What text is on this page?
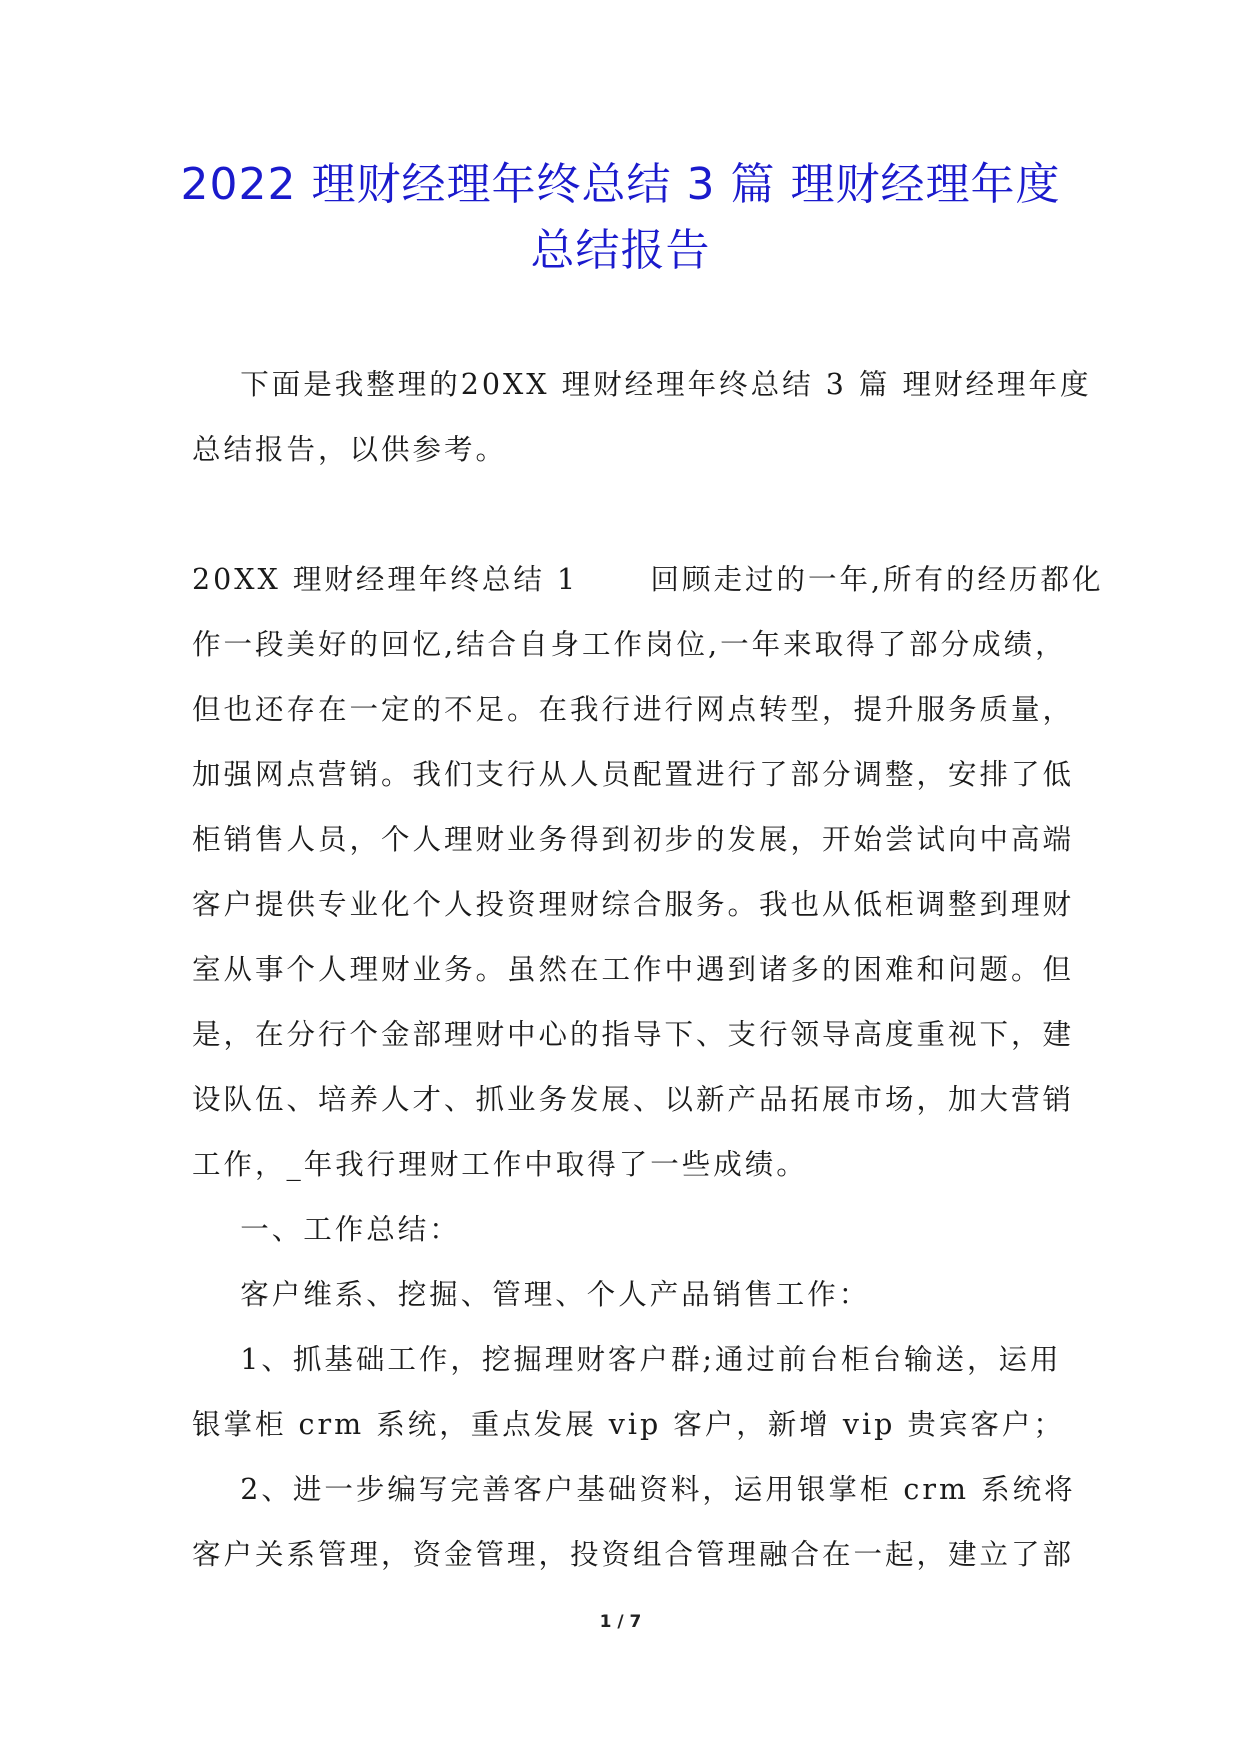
2022 理财经理年终总结 3 篇 理财经理年度
总结报告
下面是我整理的20XX 理财经理年终总结 3 篇 理财经理年度
总结报告，以供参考。
20XX 理财经理年终总结 1      回顾走过的一年,所有的经历都化
作一段美好的回忆,结合自身工作岗位,一年来取得了部分成绩，
但也还存在一定的不足。在我行进行网点转型，提升服务质量，
加强网点营销。我们支行从人员配置进行了部分调整，安排了低
柜销售人员，个人理财业务得到初步的发展，开始尝试向中高端
客户提供专业化个人投资理财综合服务。我也从低柜调整到理财
室从事个人理财业务。虽然在工作中遇到诸多的困难和问题。但
是，在分行个金部理财中心的指导下、支行领导高度重视下，建
设队伍、培养人才、抓业务发展、以新产品拓展市场，加大营销
工作，_年我行理财工作中取得了一些成绩。
一、工作总结：
客户维系、挖掘、管理、个人产品销售工作：
1、抓基础工作，挖掘理财客户群;通过前台柜台输送，运用
银掌柜 crm 系统，重点发展 vip 客户，新增 vip 贵宾客户；
2、进一步编写完善客户基础资料，运用银掌柜 crm 系统将
客户关系管理，资金管理，投资组合管理融合在一起，建立了部
1 / 7
